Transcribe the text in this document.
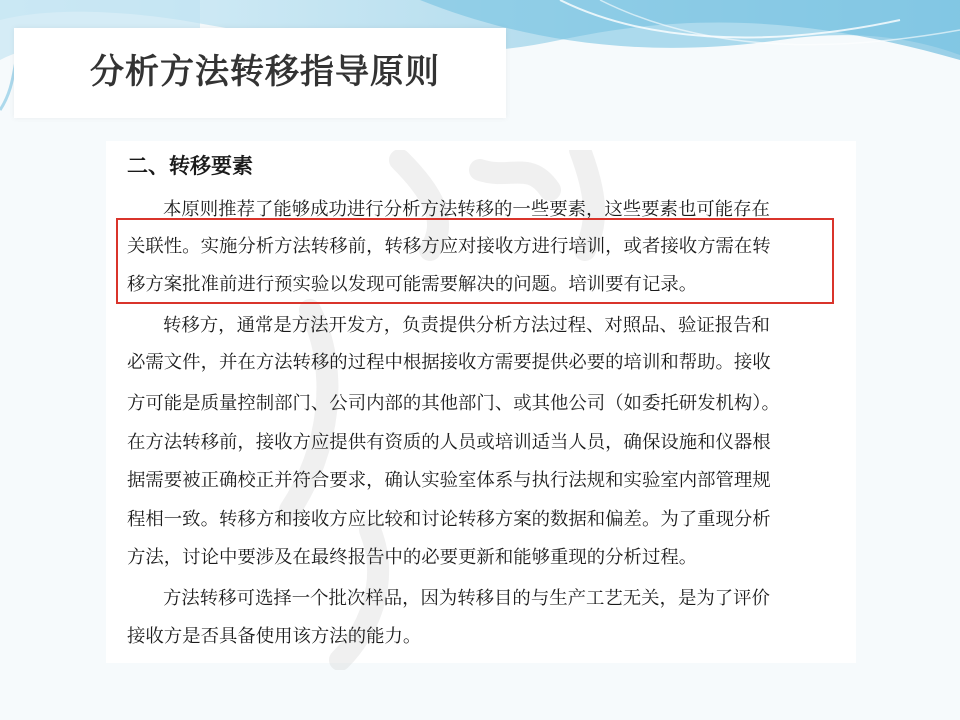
分析方法转移指导原则
二、转移要素
本原则推荐了能够成功进行分析方法转移的一些要素，这些要素也可能存在
关联性。实施分析方法转移前，转移方应对接收方进行培训，或者接收方需在转
移方案批准前进行预实验以发现可能需要解决的问题。培训要有记录。
转移方，通常是方法开发方，负责提供分析方法过程、对照品、验证报告和
必需文件，并在方法转移的过程中根据接收方需要提供必要的培训和帮助。接收
方可能是质量控制部门、公司内部的其他部门、或其他公司（如委托研发机构）。
在方法转移前，接收方应提供有资质的人员或培训适当人员，确保设施和仪器根
据需要被正确校正并符合要求，确认实验室体系与执行法规和实验室内部管理规
程相一致。转移方和接收方应比较和讨论转移方案的数据和偏差。为了重现分析
方法，讨论中要涉及在最终报告中的必要更新和能够重现的分析过程。
方法转移可选择一个批次样品，因为转移目的与生产工艺无关，是为了评价
接收方是否具备使用该方法的能力。
